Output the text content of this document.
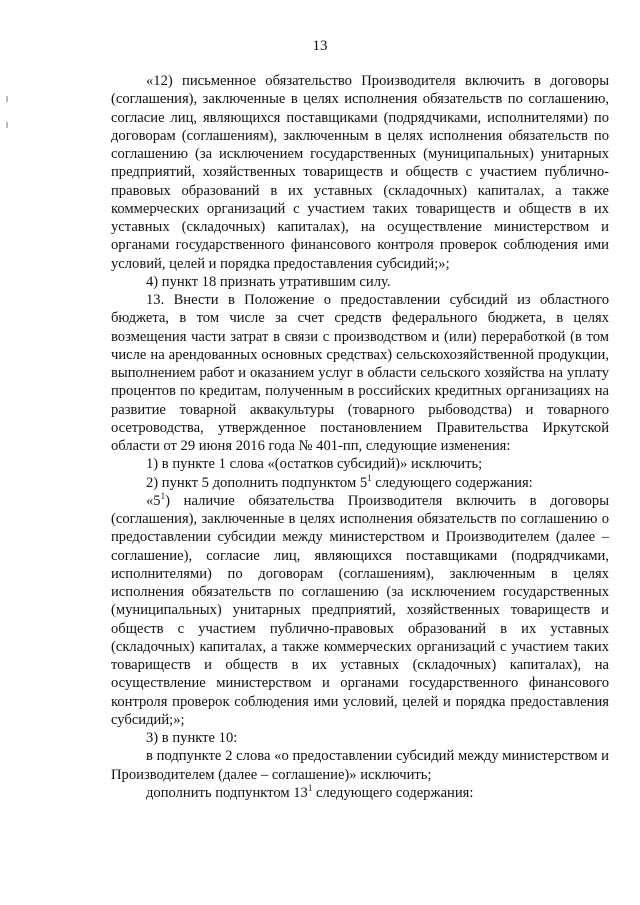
13

«12) письменное обязательство Производителя включить в договоры (соглашения), заключенные в целях исполнения обязательств по соглашению, согласие лиц, являющихся поставщиками (подрядчиками, исполнителями) по договорам (соглашениям), заключенным в целях исполнения обязательств по соглашению (за исключением государственных (муниципальных) унитарных предприятий, хозяйственных товариществ и обществ с участием публично-правовых образований в их уставных (складочных) капиталах, а также коммерческих организаций с участием таких товариществ и обществ в их уставных (складочных) капиталах), на осуществление министерством и органами государственного финансового контроля проверок соблюдения ими условий, целей и порядка предоставления субсидий;»;

4) пункт 18 признать утратившим силу.

13. Внести в Положение о предоставлении субсидий из областного бюджета, в том числе за счет средств федерального бюджета, в целях возмещения части затрат в связи с производством и (или) переработкой (в том числе на арендованных основных средствах) сельскохозяйственной продукции, выполнением работ и оказанием услуг в области сельского хозяйства на уплату процентов по кредитам, полученным в российских кредитных организациях на развитие товарной аквакультуры (товарного рыбоводства) и товарного осетроводства, утвержденное постановлением Правительства Иркутской области от 29 июня 2016 года № 401-пп, следующие изменения:

1) в пункте 1 слова «(остатков субсидий)» исключить;

2) пункт 5 дополнить подпунктом $5^1$ следующего содержания:

«$5^1$) наличие обязательства Производителя включить в договоры (соглашения), заключенные в целях исполнения обязательств по соглашению о предоставлении субсидии между министерством и Производителем (далее – соглашение), согласие лиц, являющихся поставщиками (подрядчиками, исполнителями) по договорам (соглашениям), заключенным в целях исполнения обязательств по соглашению (за исключением государственных (муниципальных) унитарных предприятий, хозяйственных товариществ и обществ с участием публично-правовых образований в их уставных (складочных) капиталах, а также коммерческих организаций с участием таких товариществ и обществ в их уставных (складочных) капиталах), на осуществление министерством и органами государственного финансового контроля проверок соблюдения ими условий, целей и порядка предоставления субсидий;»;

3) в пункте 10:

в подпункте 2 слова «о предоставлении субсидий между министерством и Производителем (далее – соглашение)» исключить;

дополнить подпунктом $13^1$ следующего содержания:
